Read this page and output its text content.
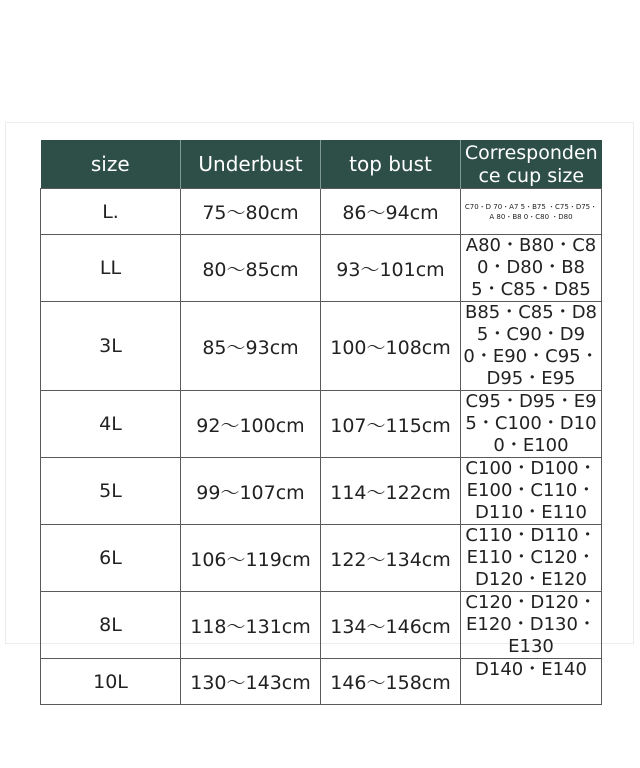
size	Underbust	top bust	Correspondence cup size
L.	75～80cm	86～94cm	C70・D 70・A7 5・B75 ・C75・D75・A 80・B8 0・C80 ・D80
LL	80～85cm	93～101cm	A80・B80・C80・D80・B85・C85・D85
3L	85～93cm	100～108cm	B85・C85・D85・C90・D90・E90・C95・D95・E95
4L	92～100cm	107～115cm	C95・D95・E95・C100・D100・E100
5L	99～107cm	114～122cm	C100・D100・E100・C110・D110・E110
6L	106～119cm	122～134cm	C110・D110・E110・C120・D120・E120
8L	118～131cm	134～146cm	C120・D120・E120・D130・E130
10L	130～143cm	146～158cm	D140・E140
